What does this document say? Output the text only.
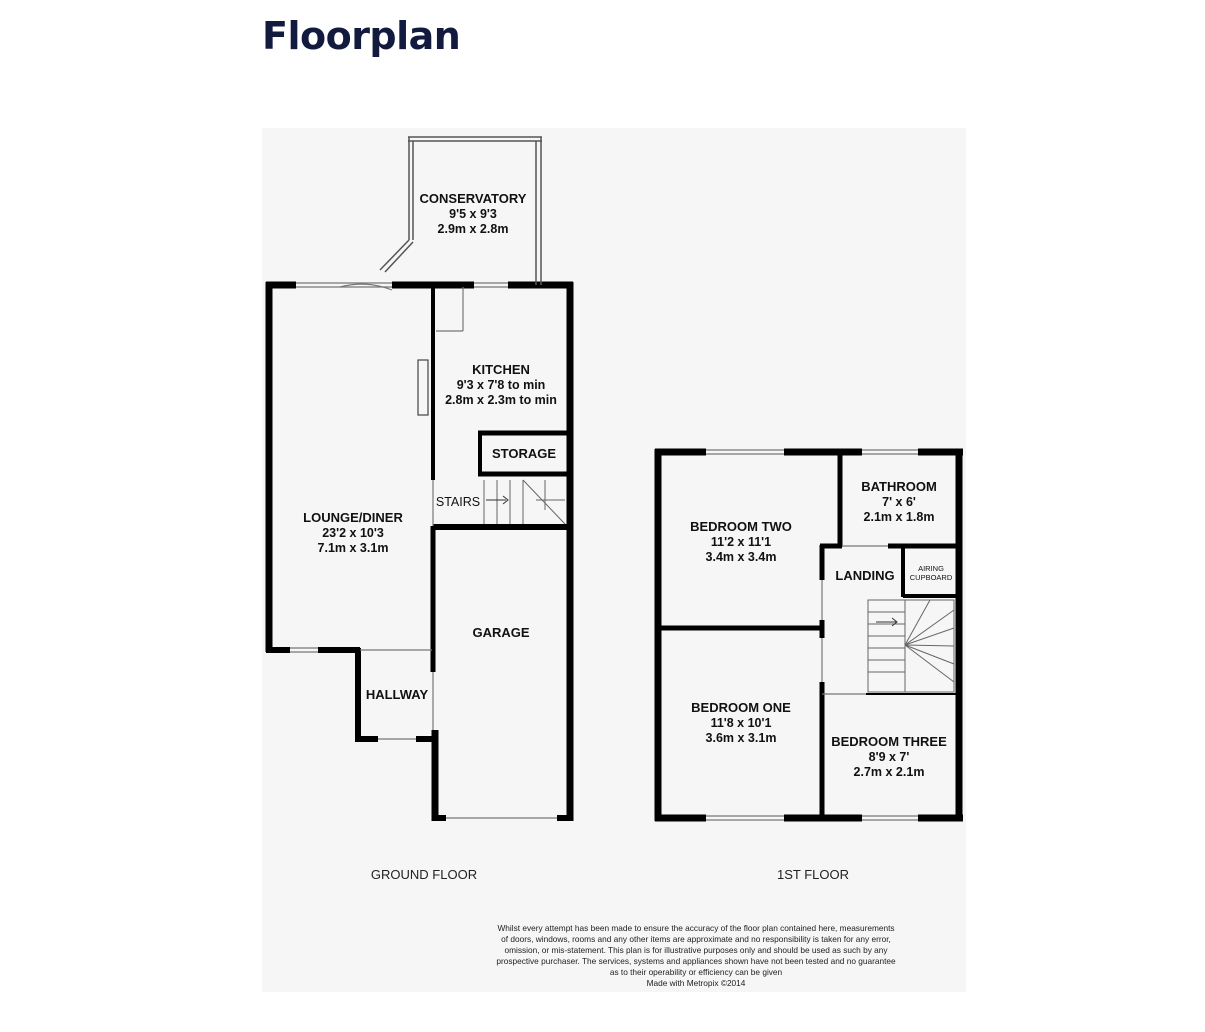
Floorplan
CONSERVATORY
9'5 x 9'3
2.9m x 2.8m
KITCHEN
9'3 x 7'8 to min
2.8m x 2.3m to min
STORAGE
STAIRS
LOUNGE/DINER
23'2 x 10'3
7.1m x 3.1m
GARAGE
HALLWAY
BEDROOM TWO
11'2 x 11'1
3.4m x 3.4m
BATHROOM
7' x 6'
2.1m x 1.8m
LANDING	AIRING
CUPBOARD
BEDROOM ONE
11'8 x 10'1
3.6m x 3.1m	BEDROOM THREE
8'9 x 7'
2.7m x 2.1m
GROUND FLOOR	1ST FLOOR
Whilst every attempt has been made to ensure the accuracy of the floor plan contained here, measurements
of doors, windows, rooms and any other items are approximate and no responsibility is taken for any error,
omission, or mis-statement. This plan is for illustrative purposes only and should be used as such by any
prospective purchaser. The services, systems and appliances shown have not been tested and no guarantee
as to their operability or efficiency can be given
Made with Metropix ©2014
